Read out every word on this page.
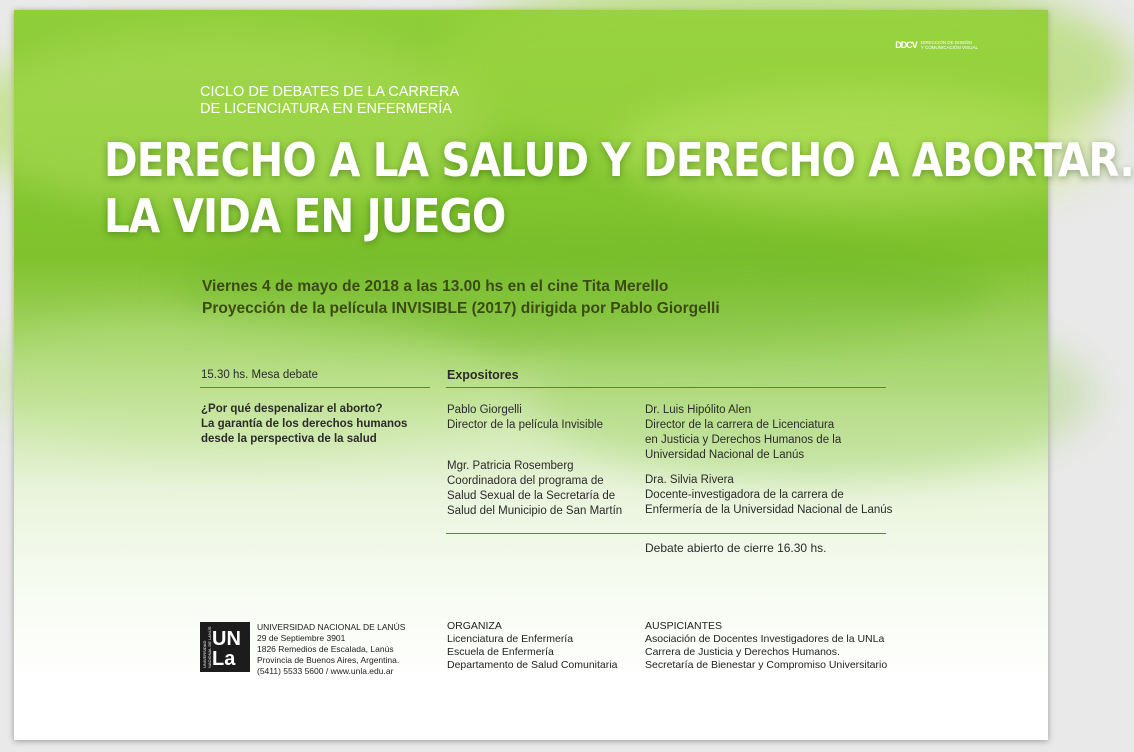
DDCV DIRECCIÓN DE DISEÑO
Y COMUNICACIÓN VISUAL
CICLO DE DEBATES DE LA CARRERA
DE LICENCIATURA EN ENFERMERÍA
DERECHO A LA SALUD Y DERECHO A ABORTAR.
LA VIDA EN JUEGO
Viernes 4 de mayo de 2018 a las 13.00 hs en el cine Tita Merello
Proyección de la película INVISIBLE (2017) dirigida por Pablo Giorgelli
15.30 hs. Mesa debate
¿Por qué despenalizar el aborto?
La garantía de los derechos humanos
desde la perspectiva de la salud
Expositores
Pablo Giorgelli
Director de la película Invisible
Mgr. Patricia Rosemberg
Coordinadora del programa de
Salud Sexual de la Secretaría de
Salud del Municipio de San Martín
Dr. Luis Hipólito Alen
Director de la carrera de Licenciatura
en Justicia y Derechos Humanos de la
Universidad Nacional de Lanús
Dra. Silvia Rivera
Docente-investigadora de la carrera de
Enfermería de la Universidad Nacional de Lanús
Debate abierto de cierre 16.30 hs.
UNIVERSIDAD NACIONAL DE LANÚS UN
La
UNIVERSIDAD NACIONAL DE LANÚS
29 de Septiembre 3901
1826 Remedios de Escalada, Lanús
Provincia de Buenos Aires, Argentina.
(5411) 5533 5600 / www.unla.edu.ar
ORGANIZA
Licenciatura de Enfermería
Escuela de Enfermería
Departamento de Salud Comunitaria
AUSPICIANTES
Asociación de Docentes Investigadores de la UNLa
Carrera de Justicia y Derechos Humanos.
Secretaría de Bienestar y Compromiso Universitario
